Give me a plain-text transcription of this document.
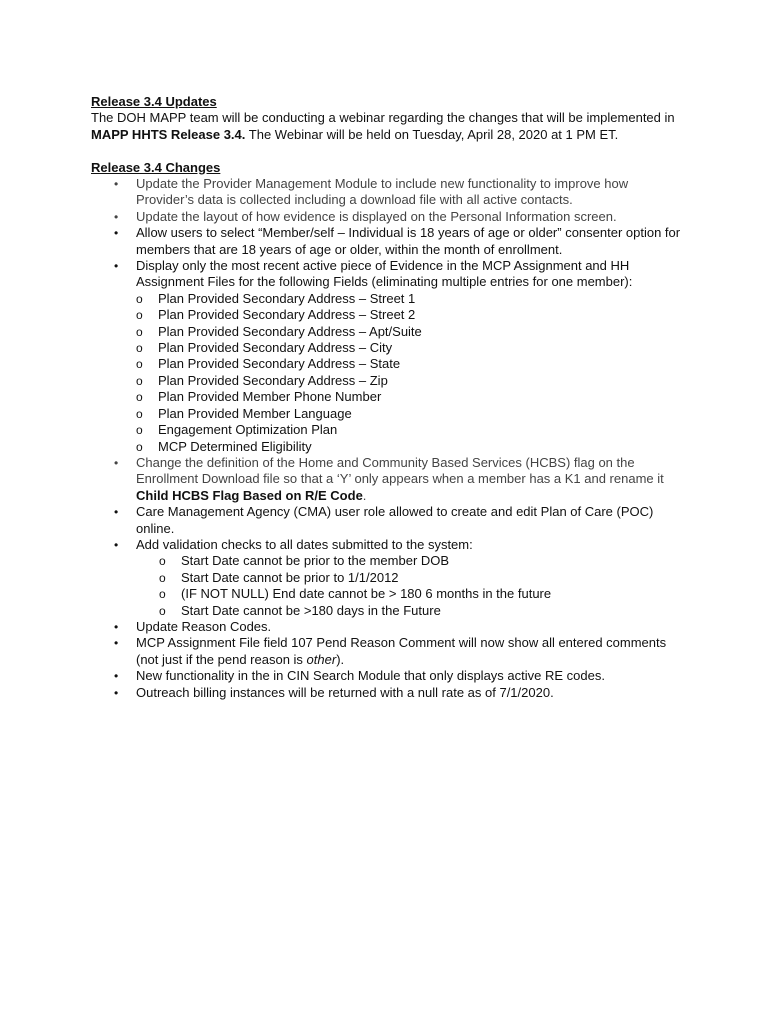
Release 3.4 Updates

The DOH MAPP team will be conducting a webinar regarding the changes that will be implemented in MAPP HHTS Release 3.4. The Webinar will be held on Tuesday, April 28, 2020 at 1 PM ET.

Release 3.4 Changes
• Update the Provider Management Module to include new functionality to improve how Provider’s data is collected including a download file with all active contacts.
• Update the layout of how evidence is displayed on the Personal Information screen.
• Allow users to select “Member/self – Individual is 18 years of age or older” consenter option for members that are 18 years of age or older, within the month of enrollment.
• Display only the most recent active piece of Evidence in the MCP Assignment and HH Assignment Files for the following Fields (eliminating multiple entries for one member):
o Plan Provided Secondary Address – Street 1
o Plan Provided Secondary Address – Street 2
o Plan Provided Secondary Address – Apt/Suite
o Plan Provided Secondary Address – City
o Plan Provided Secondary Address – State
o Plan Provided Secondary Address – Zip
o Plan Provided Member Phone Number
o Plan Provided Member Language
o Engagement Optimization Plan
o MCP Determined Eligibility
• Change the definition of the Home and Community Based Services (HCBS) flag on the Enrollment Download file so that a ‘Y’ only appears when a member has a K1 and rename it Child HCBS Flag Based on R/E Code.
• Care Management Agency (CMA) user role allowed to create and edit Plan of Care (POC) online.
• Add validation checks to all dates submitted to the system:
o Start Date cannot be prior to the member DOB
o Start Date cannot be prior to 1/1/2012
o (IF NOT NULL) End date cannot be > 180 6 months in the future
o Start Date cannot be >180 days in the Future
• Update Reason Codes.
• MCP Assignment File field 107 Pend Reason Comment will now show all entered comments (not just if the pend reason is other).
• New functionality in the in CIN Search Module that only displays active RE codes.
• Outreach billing instances will be returned with a null rate as of 7/1/2020.
